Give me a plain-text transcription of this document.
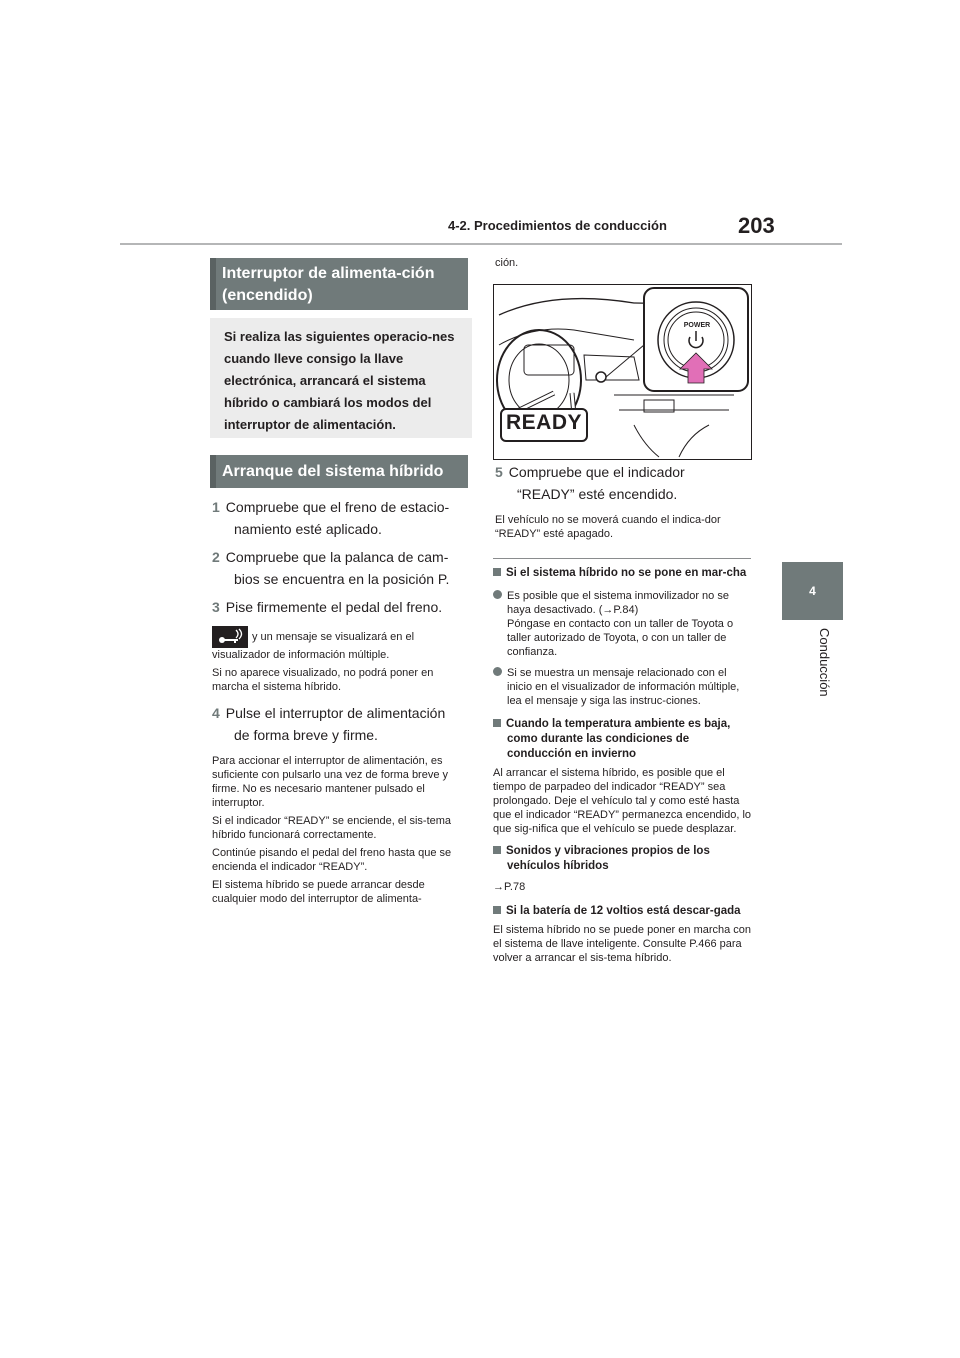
4-2. Procedimientos de conducción	203
4
Conducción
Interruptor de alimenta-ción (encendido)
Si realiza las siguientes operacio-nes cuando lleve consigo la llave electrónica, arrancará el sistema híbrido o cambiará los modos del interruptor de alimentación.
Arranque del sistema híbrido
1 Compruebe que el freno de estacio-
namiento esté aplicado.
2 Compruebe que la palanca de cam-
bios se encuentra en la posición P.
3 Pise firmemente el pedal del freno.
y un mensaje se visualizará en el visualizador de información múltiple.
Si no aparece visualizado, no podrá poner en marcha el sistema híbrido.
4 Pulse el interruptor de alimentación
de forma breve y firme.
Para accionar el interruptor de alimentación, es suficiente con pulsarlo una vez de forma breve y firme. No es necesario mantener pulsado el interruptor.
Si el indicador “READY” se enciende, el sis-tema híbrido funcionará correctamente.
Continúe pisando el pedal del freno hasta que se encienda el indicador “READY”.
El sistema híbrido se puede arrancar desde cualquier modo del interruptor de alimenta-
ción.
POWER
READY
5 Compruebe que el indicador
“READY” esté encendido.
El vehículo no se moverá cuando el indica-dor “READY” esté apagado.
Si el sistema híbrido no se pone en mar-cha
Es posible que el sistema inmovilizador no se haya desactivado. (→P.84)
Póngase en contacto con un taller de Toyota o taller autorizado de Toyota, o con un taller de confianza.
Si se muestra un mensaje relacionado con el inicio en el visualizador de información múltiple, lea el mensaje y siga las instruc-ciones.
Cuando la temperatura ambiente es baja, como durante las condiciones de conducción en invierno
Al arrancar el sistema híbrido, es posible que el tiempo de parpadeo del indicador “READY” sea prolongado. Deje el vehículo tal y como esté hasta que el indicador “READY” permanezca encendido, lo que sig-nifica que el vehículo se puede desplazar.
Sonidos y vibraciones propios de los vehículos híbridos
→P.78
Si la batería de 12 voltios está descar-gada
El sistema híbrido no se puede poner en marcha con el sistema de llave inteligente. Consulte P.466 para volver a arrancar el sis-tema híbrido.
